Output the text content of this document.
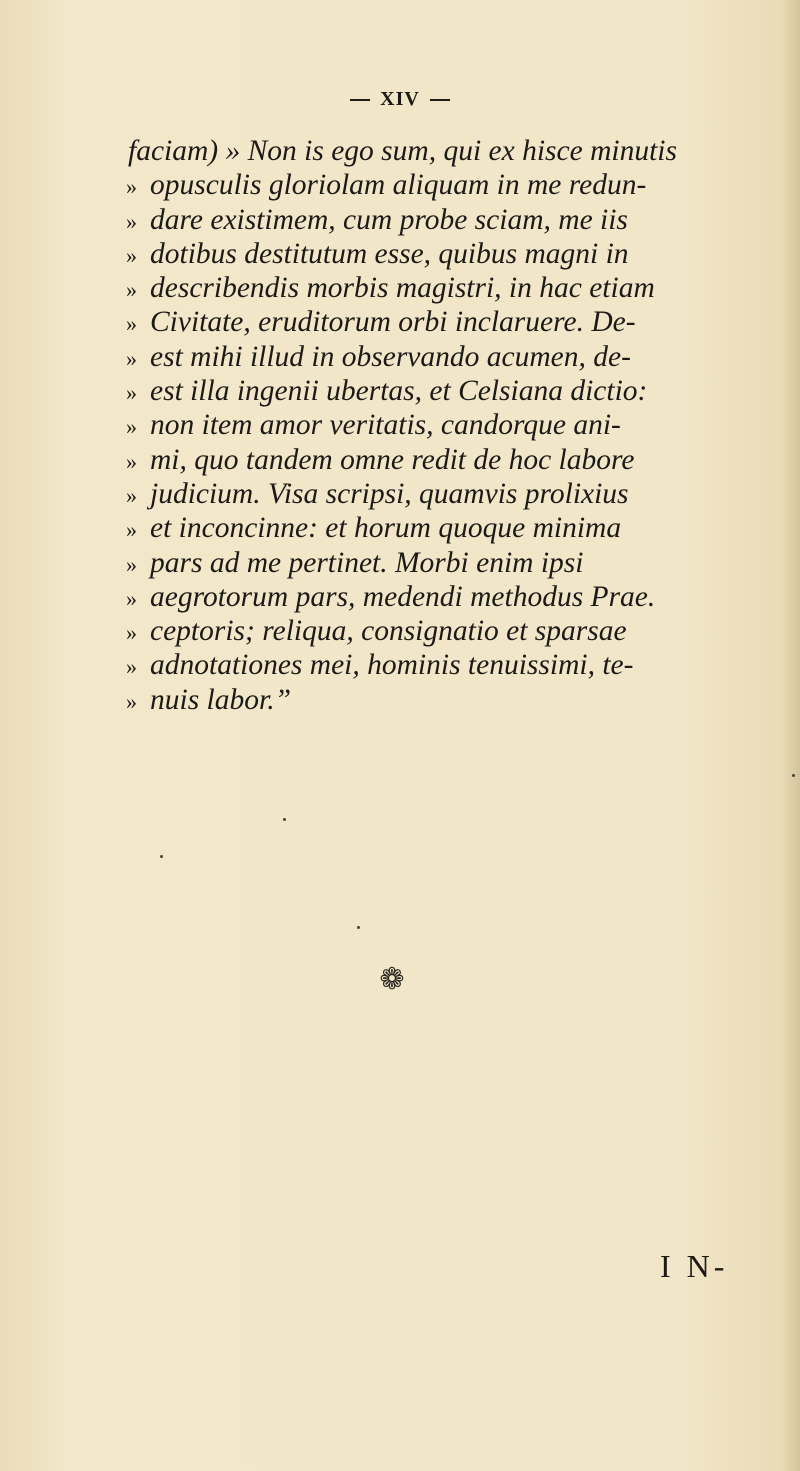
XIV
faciam) » Non is ego sum, qui ex hisce minutis
» opusculis gloriolam aliquam in me redun-
» dare existimem, cum probe sciam, me iis
» dotibus destitutum esse, quibus magni in
» describendis morbis magistri, in hac etiam
» Civitate, eruditorum orbi inclaruere. De-
» est mihi illud in observando acumen, de-
» est illa ingenii ubertas, et Celsiana dictio:
» non item amor veritatis, candorque ani-
» mi, quo tandem omne redit de hoc labore
» judicium. Visa scripsi, quamvis prolixius
» et inconcinne: et horum quoque minima
» pars ad me pertinet. Morbi enim ipsi
» aegrotorum pars, medendi methodus Prae.
» ceptoris; reliqua, consignatio et sparsae
» adnotationes mei, hominis tenuissimi, te-
» nuis labor.”
❁
I N-
